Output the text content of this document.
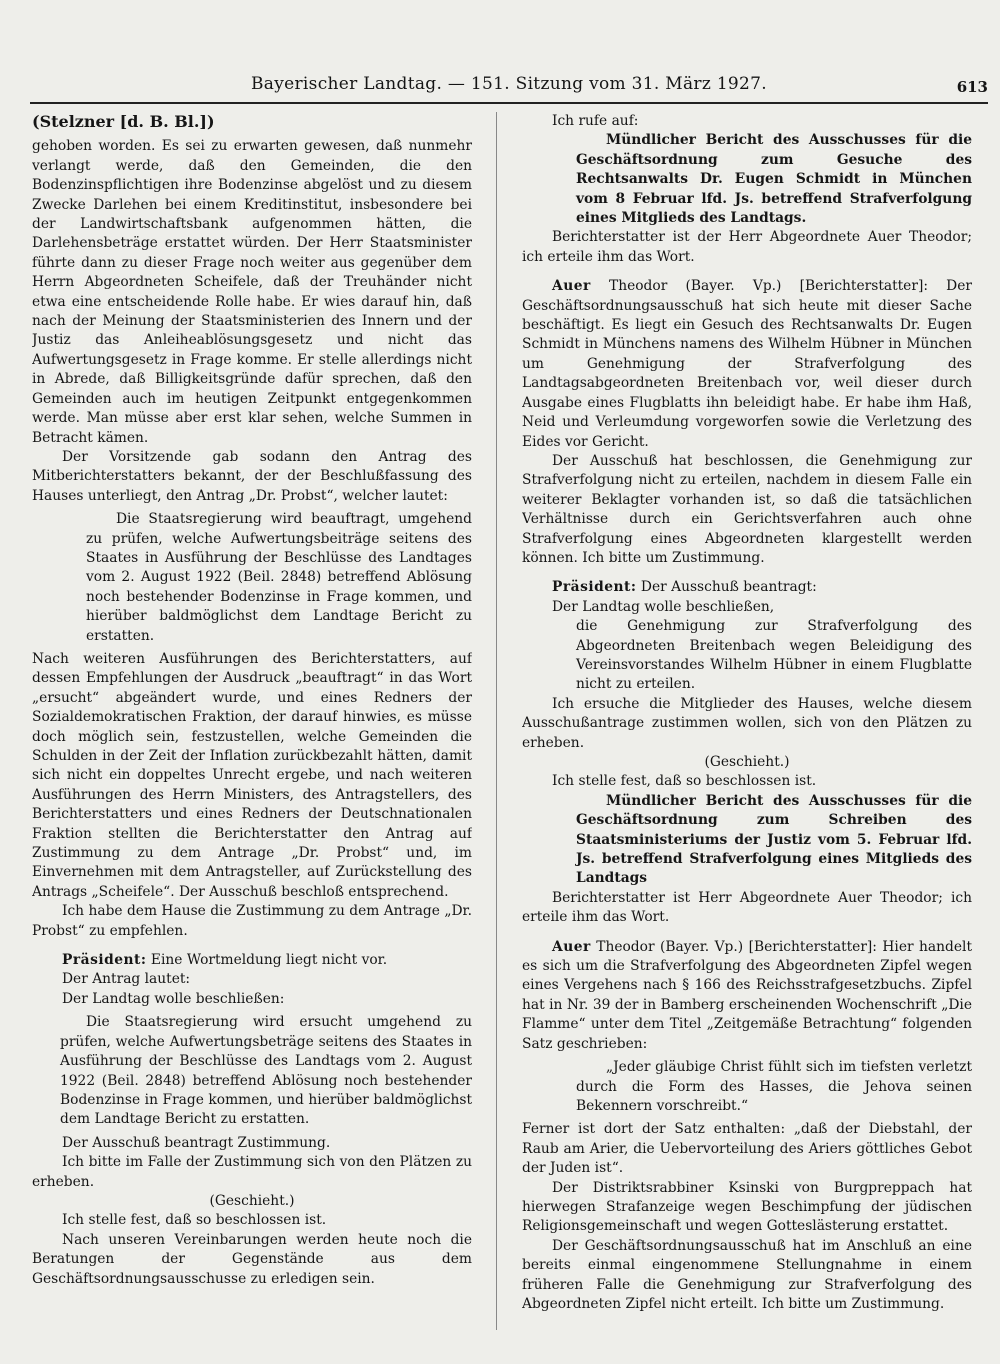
Bayerischer Landtag. — 151. Sitzung vom 31. März 1927.	613

(Stelzner [d. B. Bl.])

gehoben worden. Es sei zu erwarten gewesen, daß nunmehr verlangt werde, daß den Gemeinden, die den Bodenzinspflichtigen ihre Bodenzinse abgelöst und zu diesem Zwecke Darlehen bei einem Kreditinstitut, insbesondere bei der Landwirtschaftsbank aufgenommen hätten, die Darlehensbeträge erstattet würden. Der Herr Staatsminister führte dann zu dieser Frage noch weiter aus gegenüber dem Herrn Abgeordneten Scheifele, daß der Treuhänder nicht etwa eine entscheidende Rolle habe. Er wies darauf hin, daß nach der Meinung der Staatsministerien des Innern und der Justiz das Anleiheablösungsgesetz und nicht das Aufwertungsgesetz in Frage komme. Er stelle allerdings nicht in Abrede, daß Billigkeitsgründe dafür sprechen, daß den Gemeinden auch im heutigen Zeitpunkt entgegenkommen werde. Man müsse aber erst klar sehen, welche Summen in Betracht kämen.

Der Vorsitzende gab sodann den Antrag des Mitberichterstatters bekannt, der der Beschlußfassung des Hauses unterliegt, den Antrag „Dr. Probst“, welcher lautet:

Die Staatsregierung wird beauftragt, umgehend zu prüfen, welche Aufwertungsbeiträge seitens des Staates in Ausführung der Beschlüsse des Landtages vom 2. August 1922 (Beil. 2848) betreffend Ablösung noch bestehender Bodenzinse in Frage kommen, und hierüber baldmöglichst dem Landtage Bericht zu erstatten.

Nach weiteren Ausführungen des Berichterstatters, auf dessen Empfehlungen der Ausdruck „beauftragt“ in das Wort „ersucht“ abgeändert wurde, und eines Redners der Sozialdemokratischen Fraktion, der darauf hinwies, es müsse doch möglich sein, festzustellen, welche Gemeinden die Schulden in der Zeit der Inflation zurückbezahlt hätten, damit sich nicht ein doppeltes Unrecht ergebe, und nach weiteren Ausführungen des Herrn Ministers, des Antragstellers, des Berichterstatters und eines Redners der Deutschnationalen Fraktion stellten die Berichterstatter den Antrag auf Zustimmung zu dem Antrage „Dr. Probst“ und, im Einvernehmen mit dem Antragsteller, auf Zurückstellung des Antrags „Scheifele“. Der Ausschuß beschloß entsprechend.

Ich habe dem Hause die Zustimmung zu dem Antrage „Dr. Probst“ zu empfehlen.

Präsident: Eine Wortmeldung liegt nicht vor.

Der Antrag lautet:

Der Landtag wolle beschließen:

Die Staatsregierung wird ersucht umgehend zu prüfen, welche Aufwertungsbeträge seitens des Staates in Ausführung der Beschlüsse des Landtags vom 2. August 1922 (Beil. 2848) betreffend Ablösung noch bestehender Bodenzinse in Frage kommen, und hierüber baldmöglichst dem Landtage Bericht zu erstatten.

Der Ausschuß beantragt Zustimmung.

Ich bitte im Falle der Zustimmung sich von den Plätzen zu erheben.

(Geschieht.)

Ich stelle fest, daß so beschlossen ist.

Nach unseren Vereinbarungen werden heute noch die Beratungen der Gegenstände aus dem Geschäftsordnungsausschusse zu erledigen sein.

Ich rufe auf:

Mündlicher Bericht des Ausschusses für die Geschäftsordnung zum Gesuche des Rechtsanwalts Dr. Eugen Schmidt in München vom 8 Februar lfd. Js. betreffend Strafverfolgung eines Mitglieds des Landtags.

Berichterstatter ist der Herr Abgeordnete Auer Theodor; ich erteile ihm das Wort.

Auer Theodor (Bayer. Vp.) [Berichterstatter]: Der Geschäftsordnungsausschuß hat sich heute mit dieser Sache beschäftigt. Es liegt ein Gesuch des Rechtsanwalts Dr. Eugen Schmidt in Münchens namens des Wilhelm Hübner in München um Genehmigung der Strafverfolgung des Landtagsabgeordneten Breitenbach vor, weil dieser durch Ausgabe eines Flugblatts ihn beleidigt habe. Er habe ihm Haß, Neid und Verleumdung vorgeworfen sowie die Verletzung des Eides vor Gericht.

Der Ausschuß hat beschlossen, die Genehmigung zur Strafverfolgung nicht zu erteilen, nachdem in diesem Falle ein weiterer Beklagter vorhanden ist, so daß die tatsächlichen Verhältnisse durch ein Gerichtsverfahren auch ohne Strafverfolgung eines Abgeordneten klargestellt werden können. Ich bitte um Zustimmung.

Präsident: Der Ausschuß beantragt:

Der Landtag wolle beschließen,

die Genehmigung zur Strafverfolgung des Abgeordneten Breitenbach wegen Beleidigung des Vereinsvorstandes Wilhelm Hübner in einem Flugblatte nicht zu erteilen.

Ich ersuche die Mitglieder des Hauses, welche diesem Ausschußantrage zustimmen wollen, sich von den Plätzen zu erheben.

(Geschieht.)

Ich stelle fest, daß so beschlossen ist.

Mündlicher Bericht des Ausschusses für die Geschäftsordnung zum Schreiben des Staatsministeriums der Justiz vom 5. Februar lfd. Js. betreffend Strafverfolgung eines Mitglieds des Landtags

Berichterstatter ist Herr Abgeordnete Auer Theodor; ich erteile ihm das Wort.

Auer Theodor (Bayer. Vp.) [Berichterstatter]: Hier handelt es sich um die Strafverfolgung des Abgeordneten Zipfel wegen eines Vergehens nach § 166 des Reichsstrafgesetzbuchs. Zipfel hat in Nr. 39 der in Bamberg erscheinenden Wochenschrift „Die Flamme“ unter dem Titel „Zeitgemäße Betrachtung“ folgenden Satz geschrieben:

„Jeder gläubige Christ fühlt sich im tiefsten verletzt durch die Form des Hasses, die Jehova seinen Bekennern vorschreibt.“

Ferner ist dort der Satz enthalten: „daß der Diebstahl, der Raub am Arier, die Uebervorteilung des Ariers göttliches Gebot der Juden ist“.

Der Distriktsrabbiner Ksinski von Burgpreppach hat hierwegen Strafanzeige wegen Beschimpfung der jüdischen Religionsgemeinschaft und wegen Gotteslästerung erstattet.

Der Geschäftsordnungsausschuß hat im Anschluß an eine bereits einmal eingenommene Stellungnahme in einem früheren Falle die Genehmigung zur Strafverfolgung des Abgeordneten Zipfel nicht erteilt. Ich bitte um Zustimmung.
